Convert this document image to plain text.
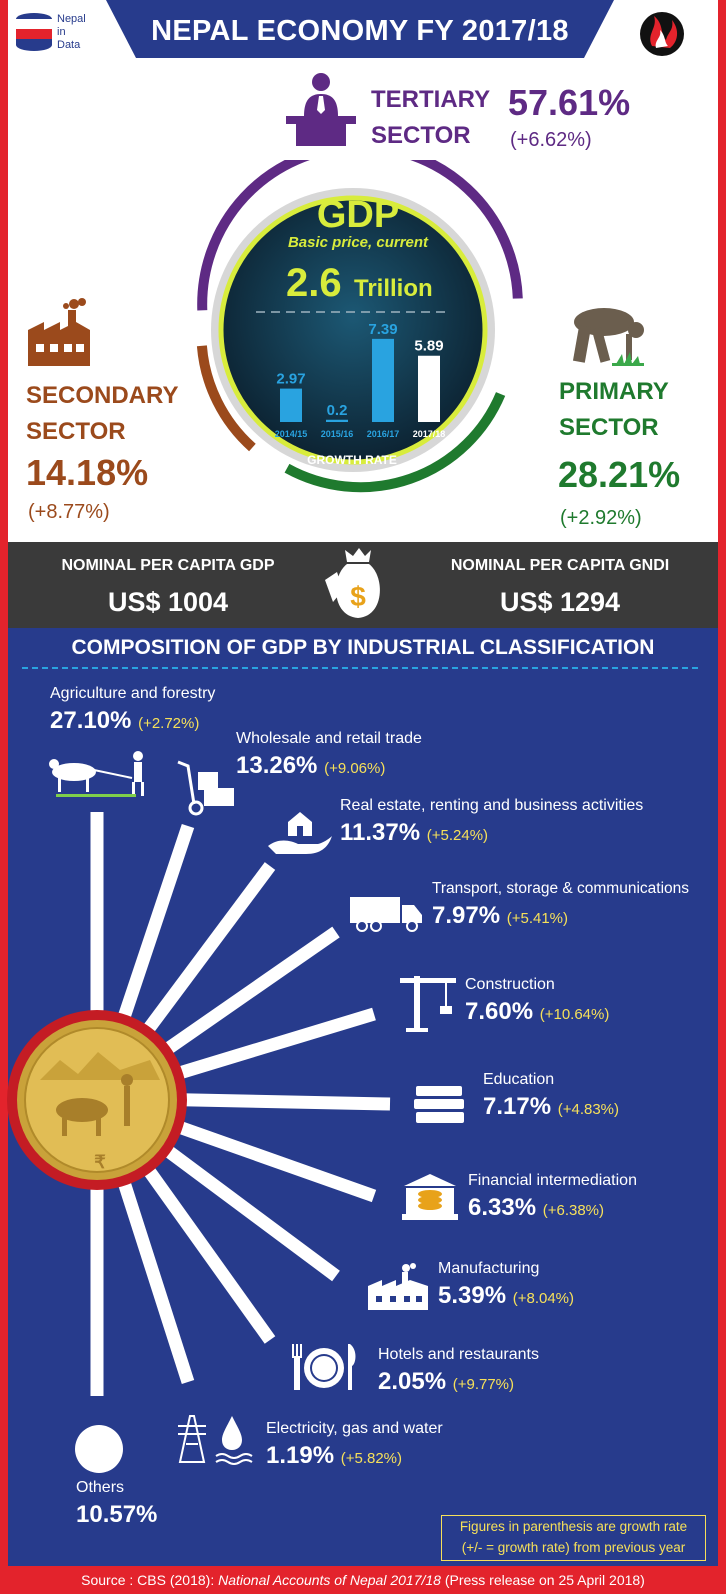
Nepal
in
Data	NEPAL ECONOMY FY 2017/18
TERTIARY
SECTOR
57.61%
(+6.62%)
SECONDARY
SECTOR
14.18%
(+8.77%)
PRIMARY
SECTOR
28.21%
(+2.92%)
GDP
Basic price, current
2.6 Trillion
2.97
2014/15
0.2
2015/16
7.39
2016/17
5.89
2017/18
GROWTH RATE
NOMINAL PER CAPITA GDP
US$ 1004	$
NOMINAL PER CAPITA GNDI
US$ 1294
COMPOSITION OF GDP BY INDUSTRIAL CLASSIFICATION
₹
Agriculture and forestry
27.10% (+2.72%)
Wholesale and retail trade
13.26% (+9.06%)
Real estate, renting and business activities
11.37% (+5.24%)
Transport, storage & communications
7.97% (+5.41%)
Construction
7.60% (+10.64%)
Education
7.17% (+4.83%)
Financial intermediation
6.33% (+6.38%)
Manufacturing
5.39% (+8.04%)
Hotels and restaurants
2.05% (+9.77%)
Electricity, gas and water
1.19% (+5.82%)
Others
10.57%	Figures in parenthesis are growth rate
(+/- = growth rate) from previous year
Source : CBS (2018): National Accounts of Nepal 2017/18 (Press release on 25 April 2018)
